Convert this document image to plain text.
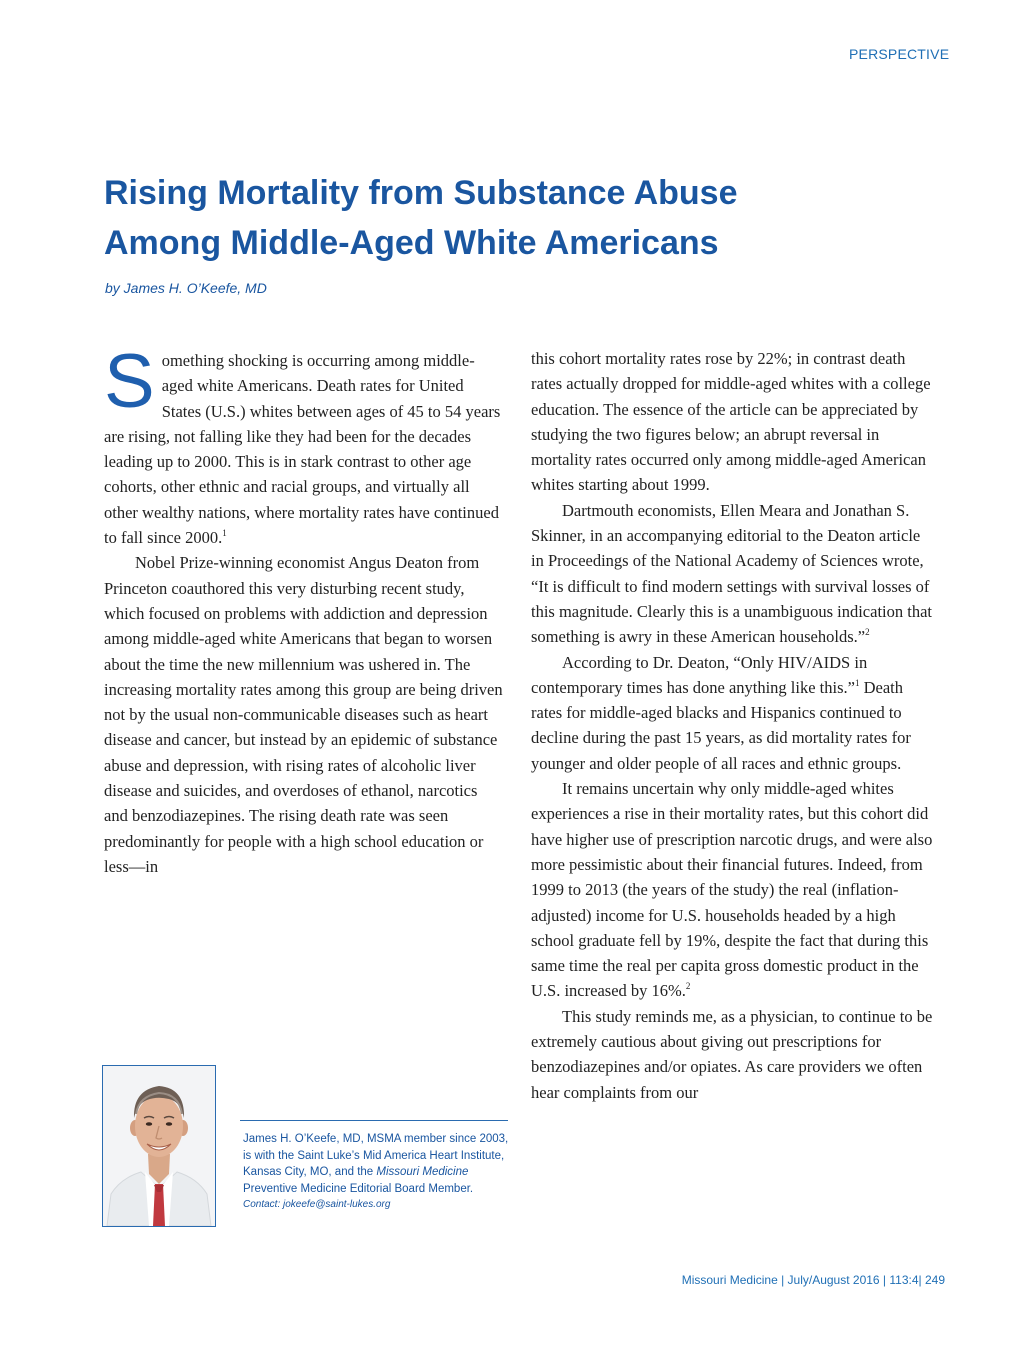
PERSPECTIVE
Rising Mortality from Substance Abuse
Among Middle-Aged White Americans
by James H. O’Keefe, MD

Something shocking is occurring among middle-aged white Americans. Death rates for United States (U.S.) whites between ages of 45 to 54 years are rising, not falling like they had been for the decades leading up to 2000. This is in stark contrast to other age cohorts, other ethnic and racial groups, and virtually all other wealthy nations, where mortality rates have continued to fall since 2000.$^1$

Nobel Prize-winning economist Angus Deaton from Princeton coauthored this very disturbing recent study, which focused on problems with addiction and depression among middle-aged white Americans that began to worsen about the time the new millennium was ushered in. The increasing mortality rates among this group are being driven not by the usual non-communicable diseases such as heart disease and cancer, but instead by an epidemic of substance abuse and depression, with rising rates of alcoholic liver disease and suicides, and overdoses of ethanol, narcotics and benzodiazepines. The rising death rate was seen predominantly for people with a high school education or less—in

this cohort mortality rates rose by 22%; in contrast death rates actually dropped for middle-aged whites with a college education. The essence of the article can be appreciated by studying the two figures below; an abrupt reversal in mortality rates occurred only among middle-aged American whites starting about 1999.

Dartmouth economists, Ellen Meara and Jonathan S. Skinner, in an accompanying editorial to the Deaton article in Proceedings of the National Academy of Sciences wrote, “It is difficult to find modern settings with survival losses of this magnitude. Clearly this is a unambiguous indication that something is awry in these American households.”$^2$

According to Dr. Deaton, “Only HIV/AIDS in contemporary times has done anything like this.”$^1$ Death rates for middle-aged blacks and Hispanics continued to decline during the past 15 years, as did mortality rates for younger and older people of all races and ethnic groups.

It remains uncertain why only middle-aged whites experiences a rise in their mortality rates, but this cohort did have higher use of prescription narcotic drugs, and were also more pessimistic about their financial futures. Indeed, from 1999 to 2013 (the years of the study) the real (inflation-adjusted) income for U.S. households headed by a high school graduate fell by 19%, despite the fact that during this same time the real per capita gross domestic product in the U.S. increased by 16%.$^2$

This study reminds me, as a physician, to continue to be extremely cautious about giving out prescriptions for benzodiazepines and/or opiates. As care providers we often hear complaints from our

James H. O’Keefe, MD, MSMA member since 2003, is with the Saint Luke’s Mid America Heart Institute, Kansas City, MO, and the Missouri Medicine Preventive Medicine Editorial Board Member.
Contact: jokeefe@saint-lukes.org
Missouri Medicine | July/August 2016 | 113:4| 249
